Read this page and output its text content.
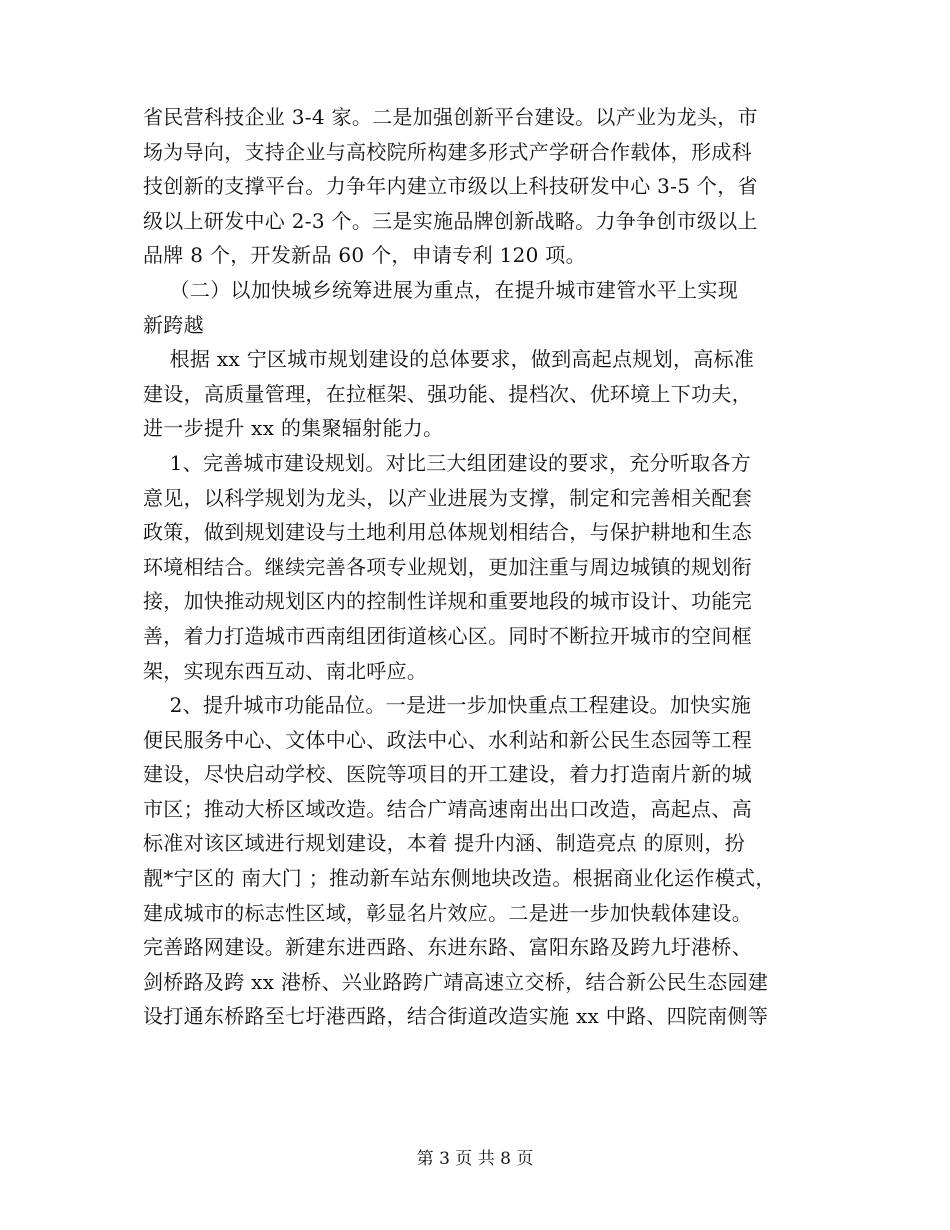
省民营科技企业 3-4 家。二是加强创新平台建设。以产业为龙头，市
场为导向，支持企业与高校院所构建多形式产学研合作载体，形成科
技创新的支撑平台。力争年内建立市级以上科技研发中心 3-5 个，省
级以上研发中心 2-3 个。三是实施品牌创新战略。力争争创市级以上
品牌 8 个，开发新品 60 个，申请专利 120 项。
（二）以加快城乡统筹进展为重点，在提升城市建管水平上实现
新跨越
根据 xx 宁区城市规划建设的总体要求，做到高起点规划，高标准
建设，高质量管理，在拉框架、强功能、提档次、优环境上下功夫，
进一步提升 xx 的集聚辐射能力。
1、完善城市建设规划。对比三大组团建设的要求，充分听取各方
意见，以科学规划为龙头，以产业进展为支撑，制定和完善相关配套
政策，做到规划建设与土地利用总体规划相结合，与保护耕地和生态
环境相结合。继续完善各项专业规划，更加注重与周边城镇的规划衔
接，加快推动规划区内的控制性详规和重要地段的城市设计、功能完
善，着力打造城市西南组团街道核心区。同时不断拉开城市的空间框
架，实现东西互动、南北呼应。
2、提升城市功能品位。一是进一步加快重点工程建设。加快实施
便民服务中心、文体中心、政法中心、水利站和新公民生态园等工程
建设，尽快启动学校、医院等项目的开工建设，着力打造南片新的城
市区；推动大桥区域改造。结合广靖高速南出出口改造，高起点、高
标准对该区域进行规划建设，本着 提升内涵、制造亮点 的原则，扮
靓*宁区的 南大门 ；推动新车站东侧地块改造。根据商业化运作模式，
建成城市的标志性区域，彰显名片效应。二是进一步加快载体建设。
完善路网建设。新建东进西路、东进东路、富阳东路及跨九圩港桥、
剑桥路及跨 xx 港桥、兴业路跨广靖高速立交桥，结合新公民生态园建
设打通东桥路至七圩港西路，结合街道改造实施 xx 中路、四院南侧等
第 3 页 共 8 页
